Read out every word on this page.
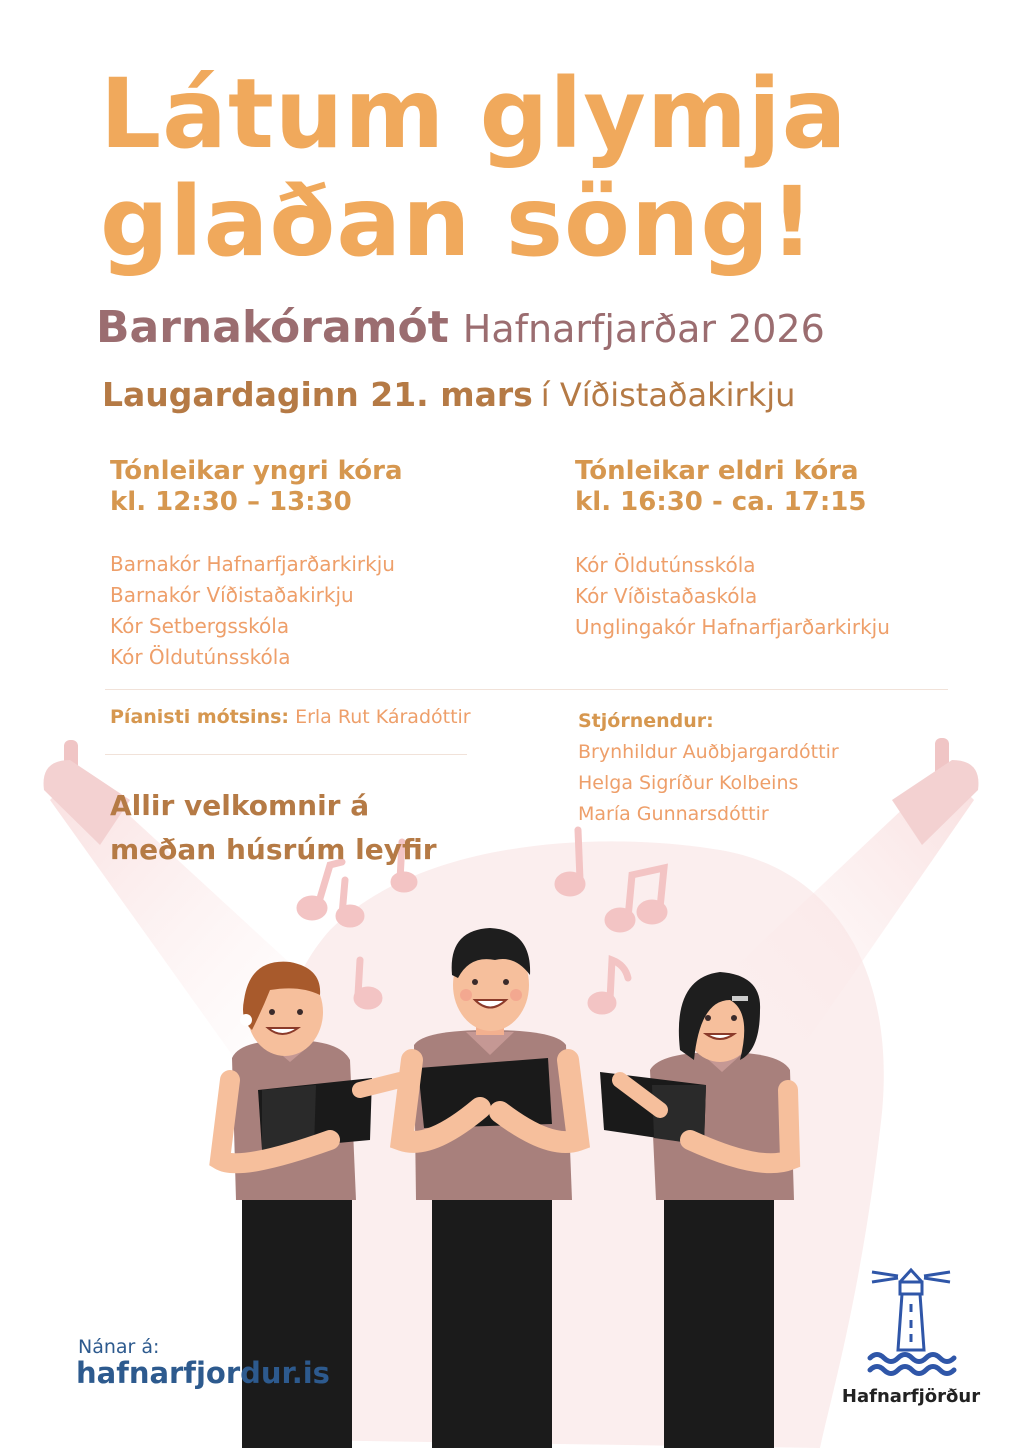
Látum glymja
glaðan söng!
Barnakóramót Hafnarfjarðar 2026
Laugardaginn 21. mars í Víðistaðakirkju
Tónleikar yngri kóra
kl. 12:30 – 13:30
Barnakór Hafnarfjarðarkirkju
Barnakór Víðistaðakirkju
Kór Setbergsskóla
Kór Öldutúnsskóla
Tónleikar eldri kóra
kl. 16:30 - ca. 17:15
Kór Öldutúnsskóla
Kór Víðistaðaskóla
Unglingakór Hafnarfjarðarkirkju
Píanisti mótsins: Erla Rut Káradóttir	Stjórnendur:
Brynhildur Auðbjargardóttir
Helga Sigríður Kolbeins
María Gunnarsdóttir
Allir velkomnir á
meðan húsrúm leyfir
Nánar á:
hafnarfjordur.is
Hafnarfjörður
